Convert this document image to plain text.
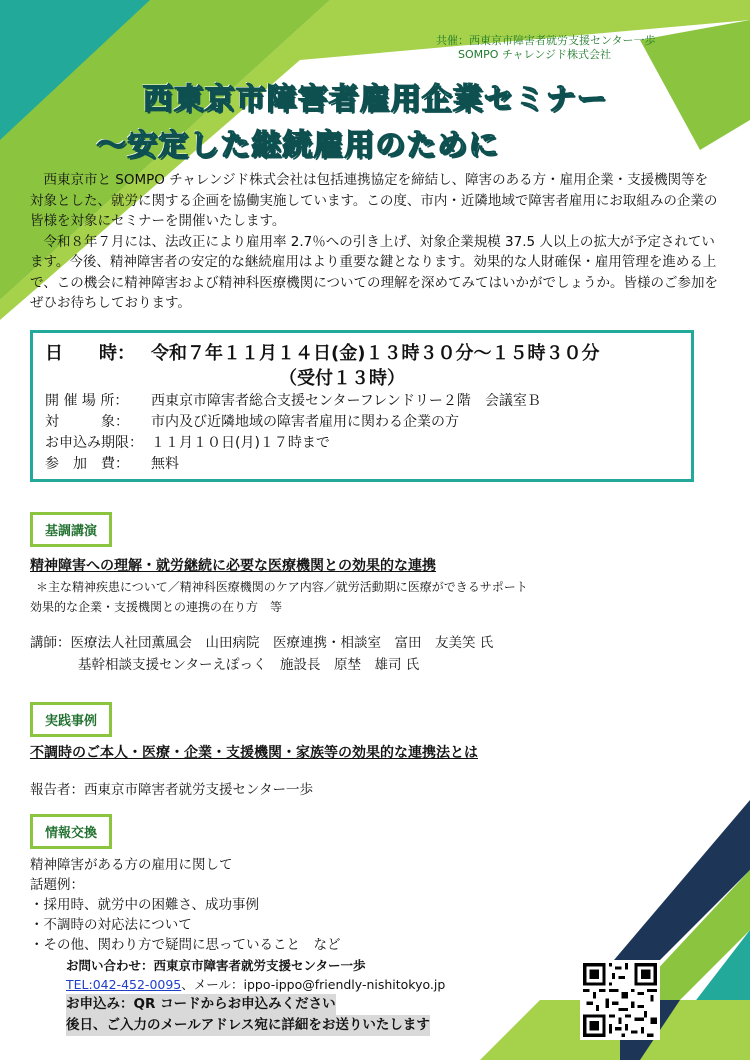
共催：西東京市障害者就労支援センター一歩
SOMPO チャレンジド株式会社
西東京市障害者雇用企業セミナー
～安定した継続雇用のために

西東京市と SOMPO チャレンジド株式会社は包括連携協定を締結し、障害のある方・雇用企業・支援機関等を対象とした、就労に関する企画を協働実施しています。この度、市内・近隣地域で障害者雇用にお取組みの企業の皆様を対象にセミナーを開催いたします。

令和８年７月には、法改正により雇用率 2.7％への引き上げ、対象企業規模 37.5 人以上の拡大が予定されています。今後、精神障害者の安定的な継続雇用はより重要な鍵となります。効果的な人財確保・雇用管理を進める上で、この機会に精神障害および精神科医療機関についての理解を深めてみてはいかがでしょうか。皆様のご参加をぜひお待ちしております。

日　　時： 令和７年１１月１４日(金)１３時３０分～１５時３０分
（受付１３時）
開 催 場 所：	西東京市障害者総合支援センターフレンドリー２階　会議室Ｂ
対　　　象：	市内及び近隣地域の障害者雇用に関わる企業の方
お申込み期限： １１月１０日(月)１７時まで
参　加　費：	無料
基調講演
精神障害への理解・就労継続に必要な医療機関との効果的な連携
＊主な精神疾患について／精神科医療機関のケア内容／就労活動期に医療ができるサポート
効果的な企業・支援機関との連携の在り方　等
講師：医療法人社団薫風会　山田病院　医療連携・相談室　富田　友美笑 氏
基幹相談支援センターえぽっく　施設長　原埜　雄司 氏
実践事例
不調時のご本人・医療・企業・支援機関・家族等の効果的な連携法とは
報告者：西東京市障害者就労支援センター一歩
情報交換
精神障害がある方の雇用に関して
話題例：
・採用時、就労中の困難さ、成功事例
・不調時の対応法について
・その他、関わり方で疑問に思っていること　など
お問い合わせ：西東京市障害者就労支援センター一歩
TEL:042-452-0095、メール：ippo-ippo@friendly-nishitokyo.jp
お申込み：QR コードからお申込みください
後日、ご入力のメールアドレス宛に詳細をお送りいたします
